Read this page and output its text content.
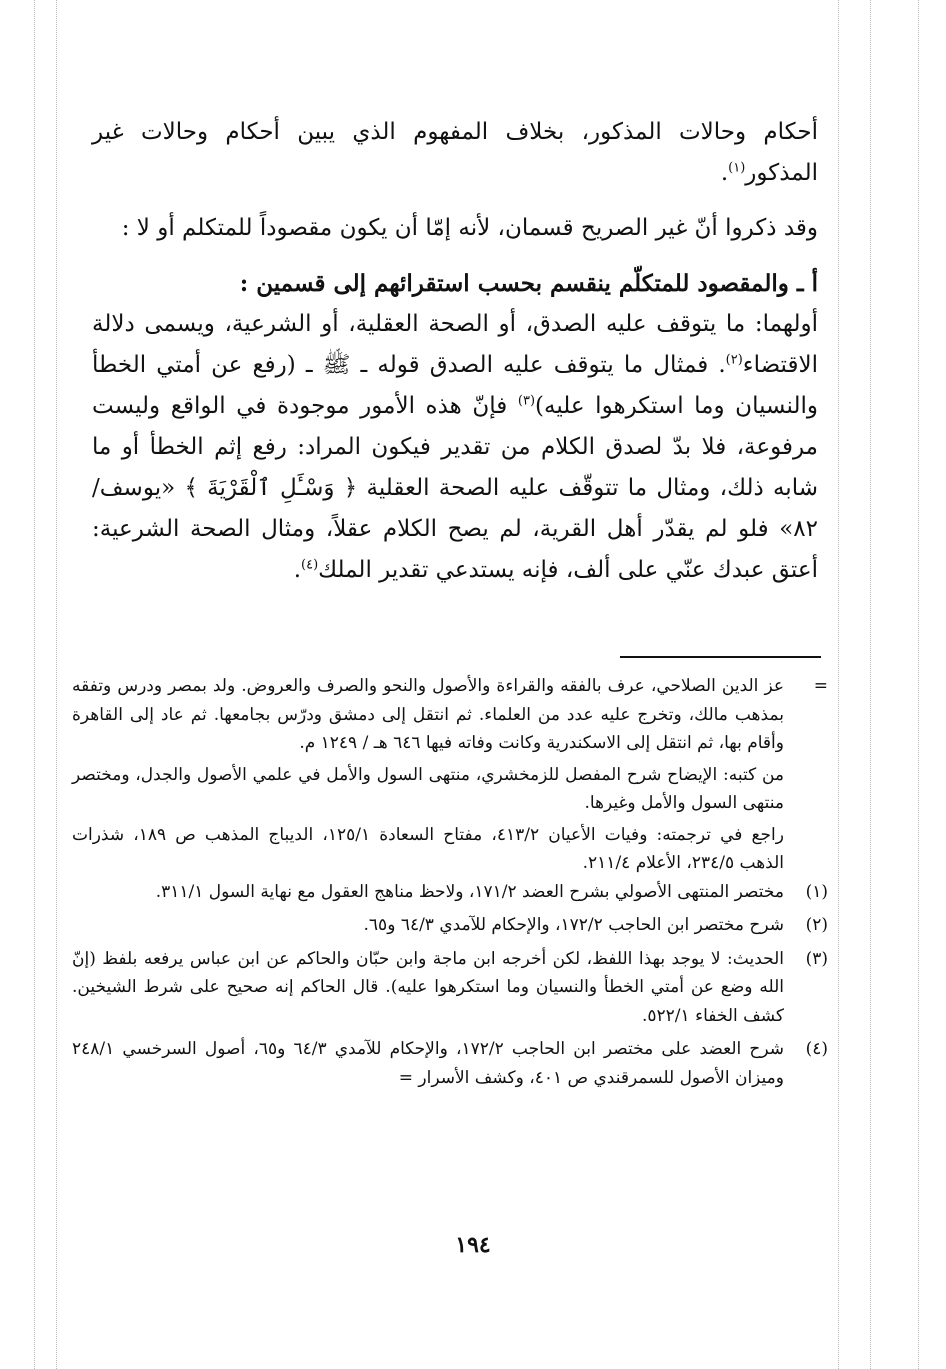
أحكام وحالات المذكور، بخلاف المفهوم الذي يبين أحكام وحالات غير المذكور$^{(١)}$.

وقد ذكروا أنّ غير الصريح قسمان، لأنه إمّا أن يكون مقصوداً للمتكلم أو لا :

أ ـ والمقصود للمتكلّم ينقسم بحسب استقرائهم إلى قسمين :

أولهما: ما يتوقف عليه الصدق، أو الصحة العقلية، أو الشرعية، ويسمى دلالة الاقتضاء$^{(٢)}$. فمثال ما يتوقف عليه الصدق قوله ـ ﷺ ـ (رفع عن أمتي الخطأ والنسيان وما استكرهوا عليه)$^{(٣)}$ فإنّ هذه الأمور موجودة في الواقع وليست مرفوعة، فلا بدّ لصدق الكلام من تقدير فيكون المراد: رفع إثم الخطأ أو ما شابه ذلك، ومثال ما تتوقّف عليه الصحة العقلية ﴿ وَسْـَٔلِ ٱلْقَرْيَةَ ﴾ «يوسف/٨٢» فلو لم يقدّر أهل القرية، لم يصح الكلام عقلاً، ومثال الصحة الشرعية: أعتق عبدك عنّي على ألف، فإنه يستدعي تقدير الملك$^{(٤)}$.

=
عز الدين الصلاحي، عرف بالفقه والقراءة والأصول والنحو والصرف والعروض. ولد بمصر ودرس وتفقه بمذهب مالك، وتخرج عليه عدد من العلماء. ثم انتقل إلى دمشق ودرّس بجامعها. ثم عاد إلى القاهرة وأقام بها، ثم انتقل إلى الاسكندرية وكانت وفاته فيها ٦٤٦ هـ / ١٢٤٩ م.
من كتبه: الإيضاح شرح المفصل للزمخشري، منتهى السول والأمل في علمي الأصول والجدل، ومختصر منتهى السول والأمل وغيرها.
راجع في ترجمته: وفيات الأعيان ٤١٣/٢، مفتاح السعادة ١٢٥/١، الديباج المذهب ص ١٨٩، شذرات الذهب ٢٣٤/٥، الأعلام ٢١١/٤.
(١)
مختصر المنتهى الأصولي بشرح العضد ١٧١/٢، ولاحظ مناهج العقول مع نهاية السول ٣١١/١.
(٢)
شرح مختصر ابن الحاجب ١٧٢/٢، والإحكام للآمدي ٦٤/٣ و٦٥.
(٣)
الحديث: لا يوجد بهذا اللفظ، لكن أخرجه ابن ماجة وابن حبّان والحاكم عن ابن عباس يرفعه بلفظ (إنّ الله وضع عن أمتي الخطأ والنسيان وما استكرهوا عليه). قال الحاكم إنه صحيح على شرط الشيخين. كشف الخفاء ٥٢٢/١.
(٤)
شرح العضد على مختصر ابن الحاجب ١٧٢/٢، والإحكام للآمدي ٦٤/٣ و٦٥، أصول السرخسي ٢٤٨/١ وميزان الأصول للسمرقندي ص ٤٠١، وكشف الأسرار =
١٩٤
